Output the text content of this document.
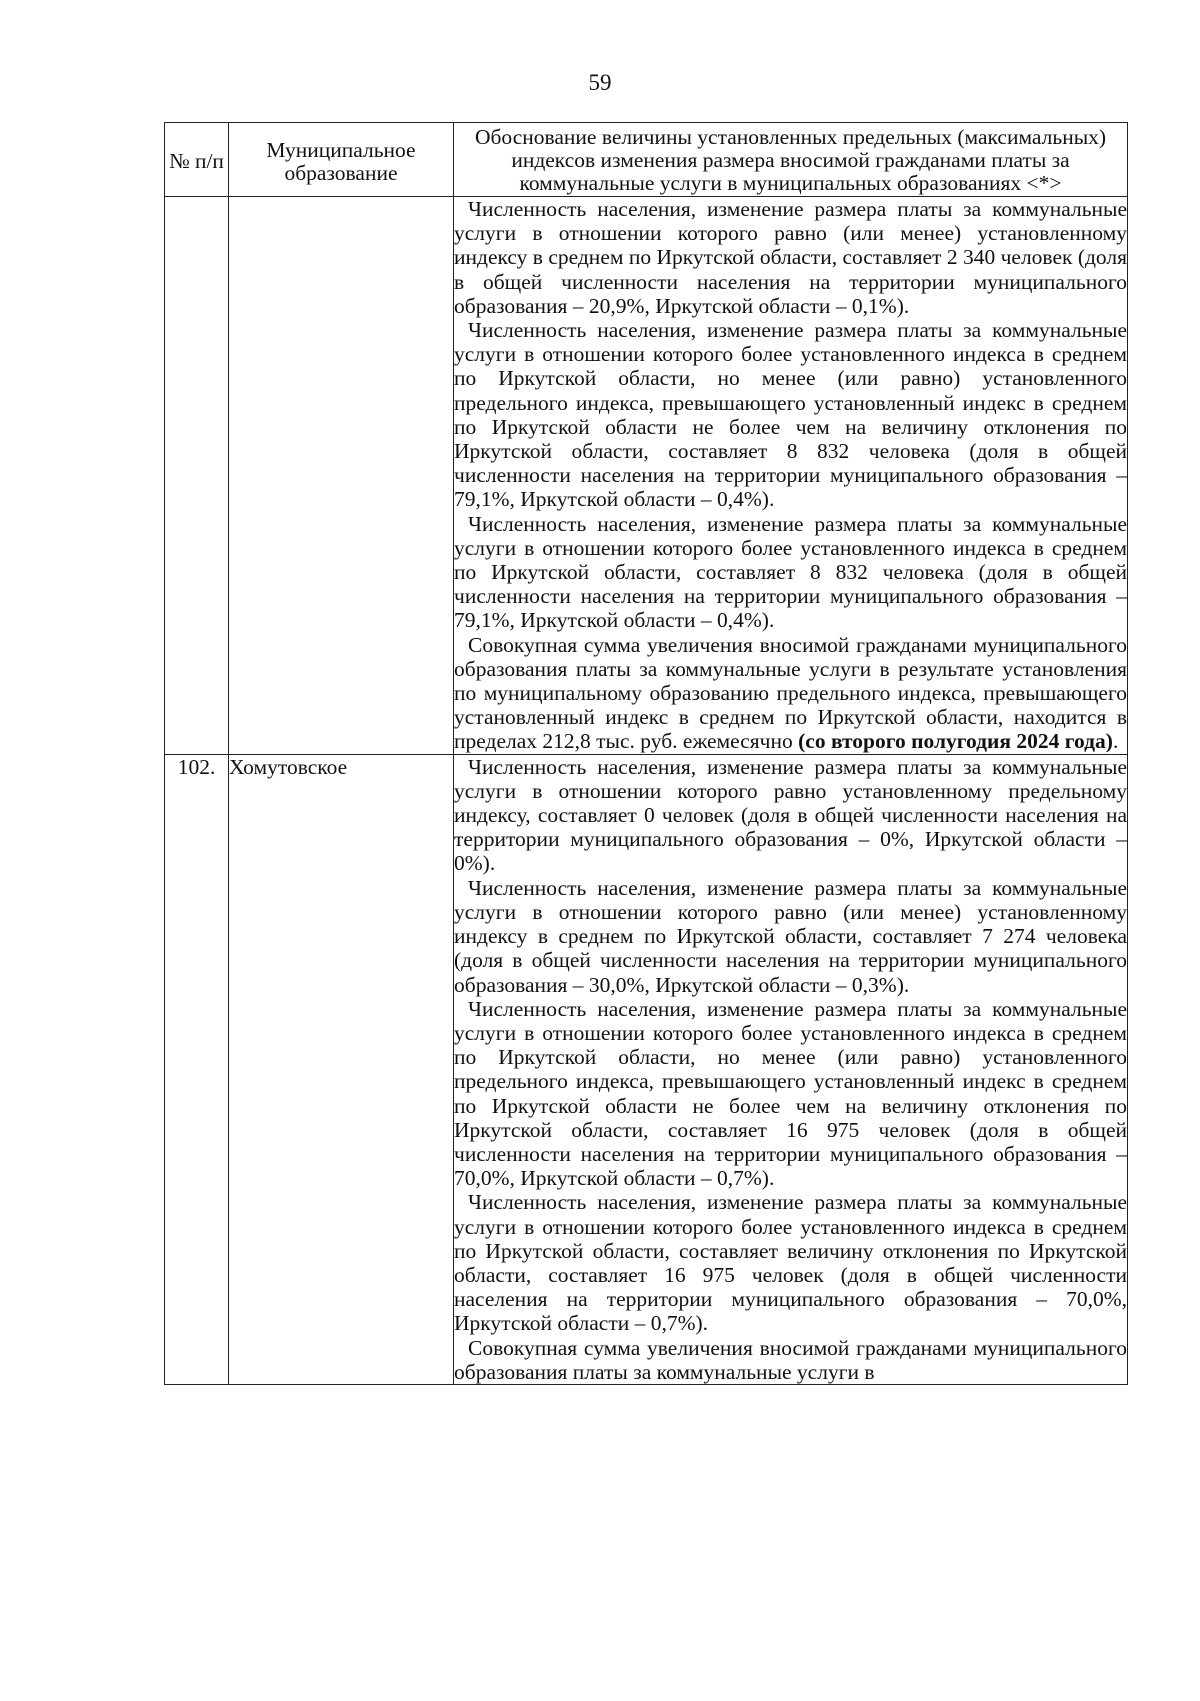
59
№ п/п	Муниципальное образование	Обоснование величины установленных предельных (максимальных) индексов изменения размера вносимой гражданами платы за коммунальные услуги в муниципальных образованиях <*>

		Численность населения, изменение размера платы за коммунальные услуги в отношении которого равно (или менее) установленному индексу в среднем по Иркутской области, составляет 2 340 человек (доля в общей численности населения на территории муниципального образования – 20,9%, Иркутской области – 0,1%).

Численность населения, изменение размера платы за коммунальные услуги в отношении которого более установленного индекса в среднем по Иркутской области, но менее (или равно) установленного предельного индекса, превышающего установленный индекс в среднем по Иркутской области не более чем на величину отклонения по Иркутской области, составляет 8 832 человека (доля в общей численности населения на территории муниципального образования – 79,1%, Иркутской области – 0,4%).

Численность населения, изменение размера платы за коммунальные услуги в отношении которого более установленного индекса в среднем по Иркутской области, составляет 8 832 человека (доля в общей численности населения на территории муниципального образования – 79,1%, Иркутской области – 0,4%).

Совокупная сумма увеличения вносимой гражданами муниципального образования платы за коммунальные услуги в результате установления по муниципальному образованию предельного индекса, превышающего установленный индекс в среднем по Иркутской области, находится в пределах 212,8 тыс. руб. ежемесячно (со второго полугодия 2024 года).

102.	Хомутовское	Численность населения, изменение размера платы за коммунальные услуги в отношении которого равно установленному предельному индексу, составляет 0 человек (доля в общей численности населения на территории муниципального образования – 0%, Иркутской области – 0%).

Численность населения, изменение размера платы за коммунальные услуги в отношении которого равно (или менее) установленному индексу в среднем по Иркутской области, составляет 7 274 человека (доля в общей численности населения на территории муниципального образования – 30,0%, Иркутской области – 0,3%).

Численность населения, изменение размера платы за коммунальные услуги в отношении которого более установленного индекса в среднем по Иркутской области, но менее (или равно) установленного предельного индекса, превышающего установленный индекс в среднем по Иркутской области не более чем на величину отклонения по Иркутской области, составляет 16 975 человек (доля в общей численности населения на территории муниципального образования – 70,0%, Иркутской области – 0,7%).

Численность населения, изменение размера платы за коммунальные услуги в отношении которого более установленного индекса в среднем по Иркутской области, составляет величину отклонения по Иркутской области, составляет 16 975 человек (доля в общей численности населения на территории муниципального образования – 70,0%, Иркутской области – 0,7%).

Совокупная сумма увеличения вносимой гражданами муниципального образования платы за коммунальные услуги в
